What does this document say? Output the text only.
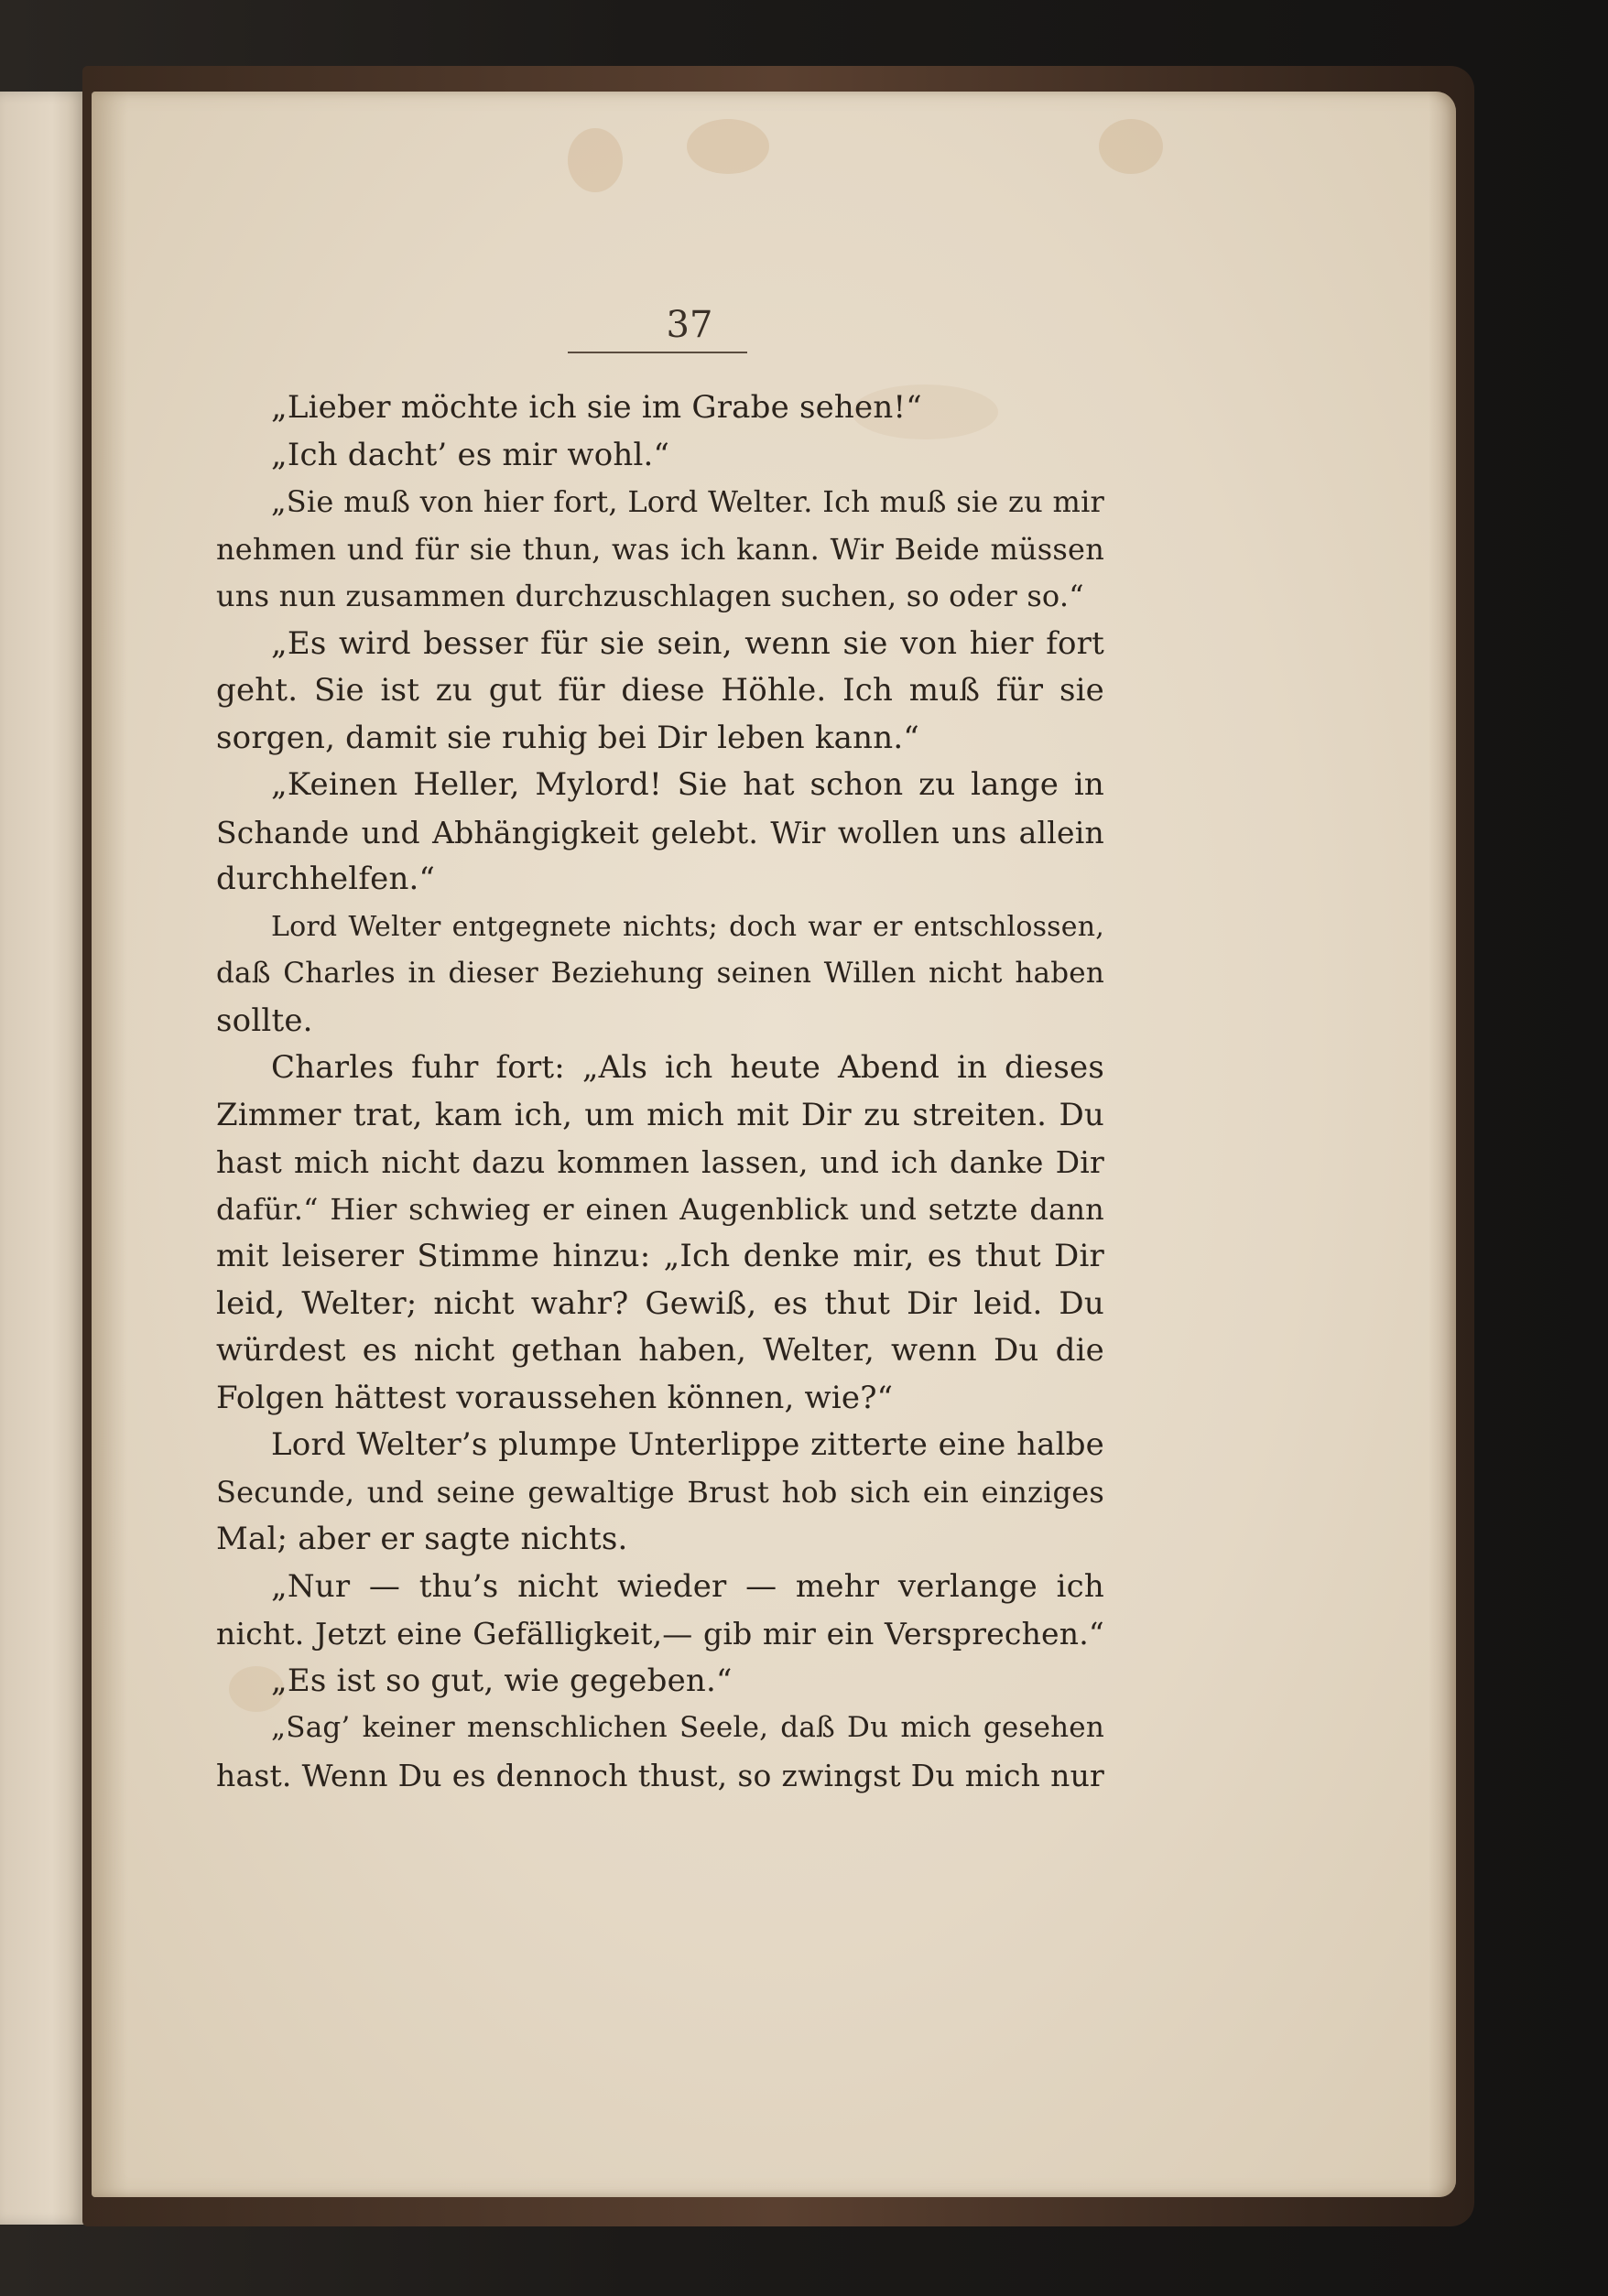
37
„Lieber möchte ich sie im Grabe sehen!“
„Ich dacht’ es mir wohl.“
„Sie muß von hier fort, Lord Welter. Ich muß sie zu mir
nehmen und für sie thun, was ich kann. Wir Beide müssen
uns nun zusammen durchzuschlagen suchen, so oder so.“
„Es wird besser für sie sein, wenn sie von hier fort
geht. Sie ist zu gut für diese Höhle. Ich muß für sie
sorgen, damit sie ruhig bei Dir leben kann.“
„Keinen Heller, Mylord! Sie hat schon zu lange in
Schande und Abhängigkeit gelebt. Wir wollen uns allein
durchhelfen.“
Lord Welter entgegnete nichts; doch war er entschlossen,
daß Charles in dieser Beziehung seinen Willen nicht haben
sollte.
Charles fuhr fort: „Als ich heute Abend in dieses
Zimmer trat, kam ich, um mich mit Dir zu streiten. Du
hast mich nicht dazu kommen lassen, und ich danke Dir
dafür.“ Hier schwieg er einen Augenblick und setzte dann
mit leiserer Stimme hinzu: „Ich denke mir, es thut Dir
leid, Welter; nicht wahr? Gewiß, es thut Dir leid. Du
würdest es nicht gethan haben, Welter, wenn Du die
Folgen hättest voraussehen können, wie?“
Lord Welter’s plumpe Unterlippe zitterte eine halbe
Secunde, und seine gewaltige Brust hob sich ein einziges
Mal; aber er sagte nichts.
„Nur — thu’s nicht wieder — mehr verlange ich
nicht. Jetzt eine Gefälligkeit,— gib mir ein Versprechen.“
„Es ist so gut, wie gegeben.“
„Sag’ keiner menschlichen Seele, daß Du mich gesehen
hast. Wenn Du es dennoch thust, so zwingst Du mich nur
